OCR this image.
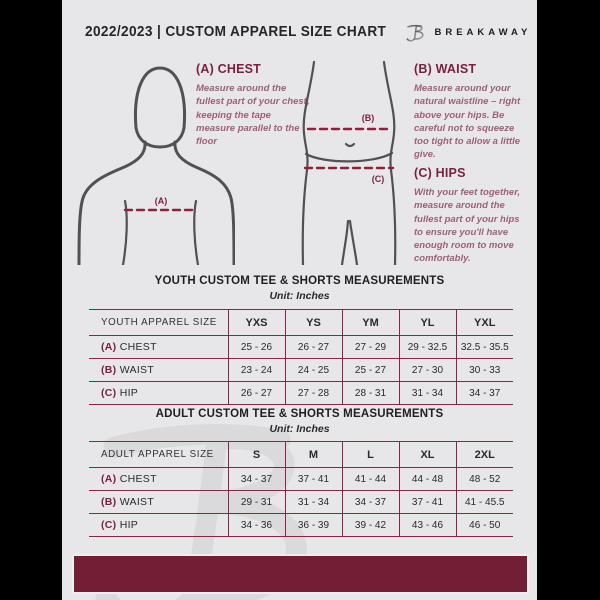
2022/2023 | CUSTOM APPAREL SIZE CHART	BREAKAWAY
(A)
(A) CHEST

Measure around the fullest part of your chest, keeping the tape measure parallel to the floor

(B)
(C)
(B) WAIST

Measure around your natural waistline – right above your hips. Be careful not to squeeze too tight to allow a little give.

(C) HIPS

With your feet together, measure around the fullest part of your hips to ensure you'll have enough room to move comfortably.

YOUTH CUSTOM TEE & SHORTS MEASUREMENTS
Unit: Inches
YOUTH APPAREL SIZE	YXS	YS	YM	YL	YXL
(A) CHEST	25 - 26	26 - 27	27 - 29	29 - 32.5	32.5 - 35.5
(B) WAIST	23 - 24	24 - 25	25 - 27	27 - 30	30 - 33
(C) HIP	26 - 27	27 - 28	28 - 31	31 - 34	34 - 37
ADULT CUSTOM TEE & SHORTS MEASUREMENTS
Unit: Inches
ADULT APPAREL SIZE	S	M	L	XL	2XL
(A) CHEST	34 - 37	37 - 41	41 - 44	44 - 48	48 - 52
(B) WAIST	29 - 31	31 - 34	34 - 37	37 - 41	41 - 45.5
(C) HIP	34 - 36	36 - 39	39 - 42	43 - 46	46 - 50
